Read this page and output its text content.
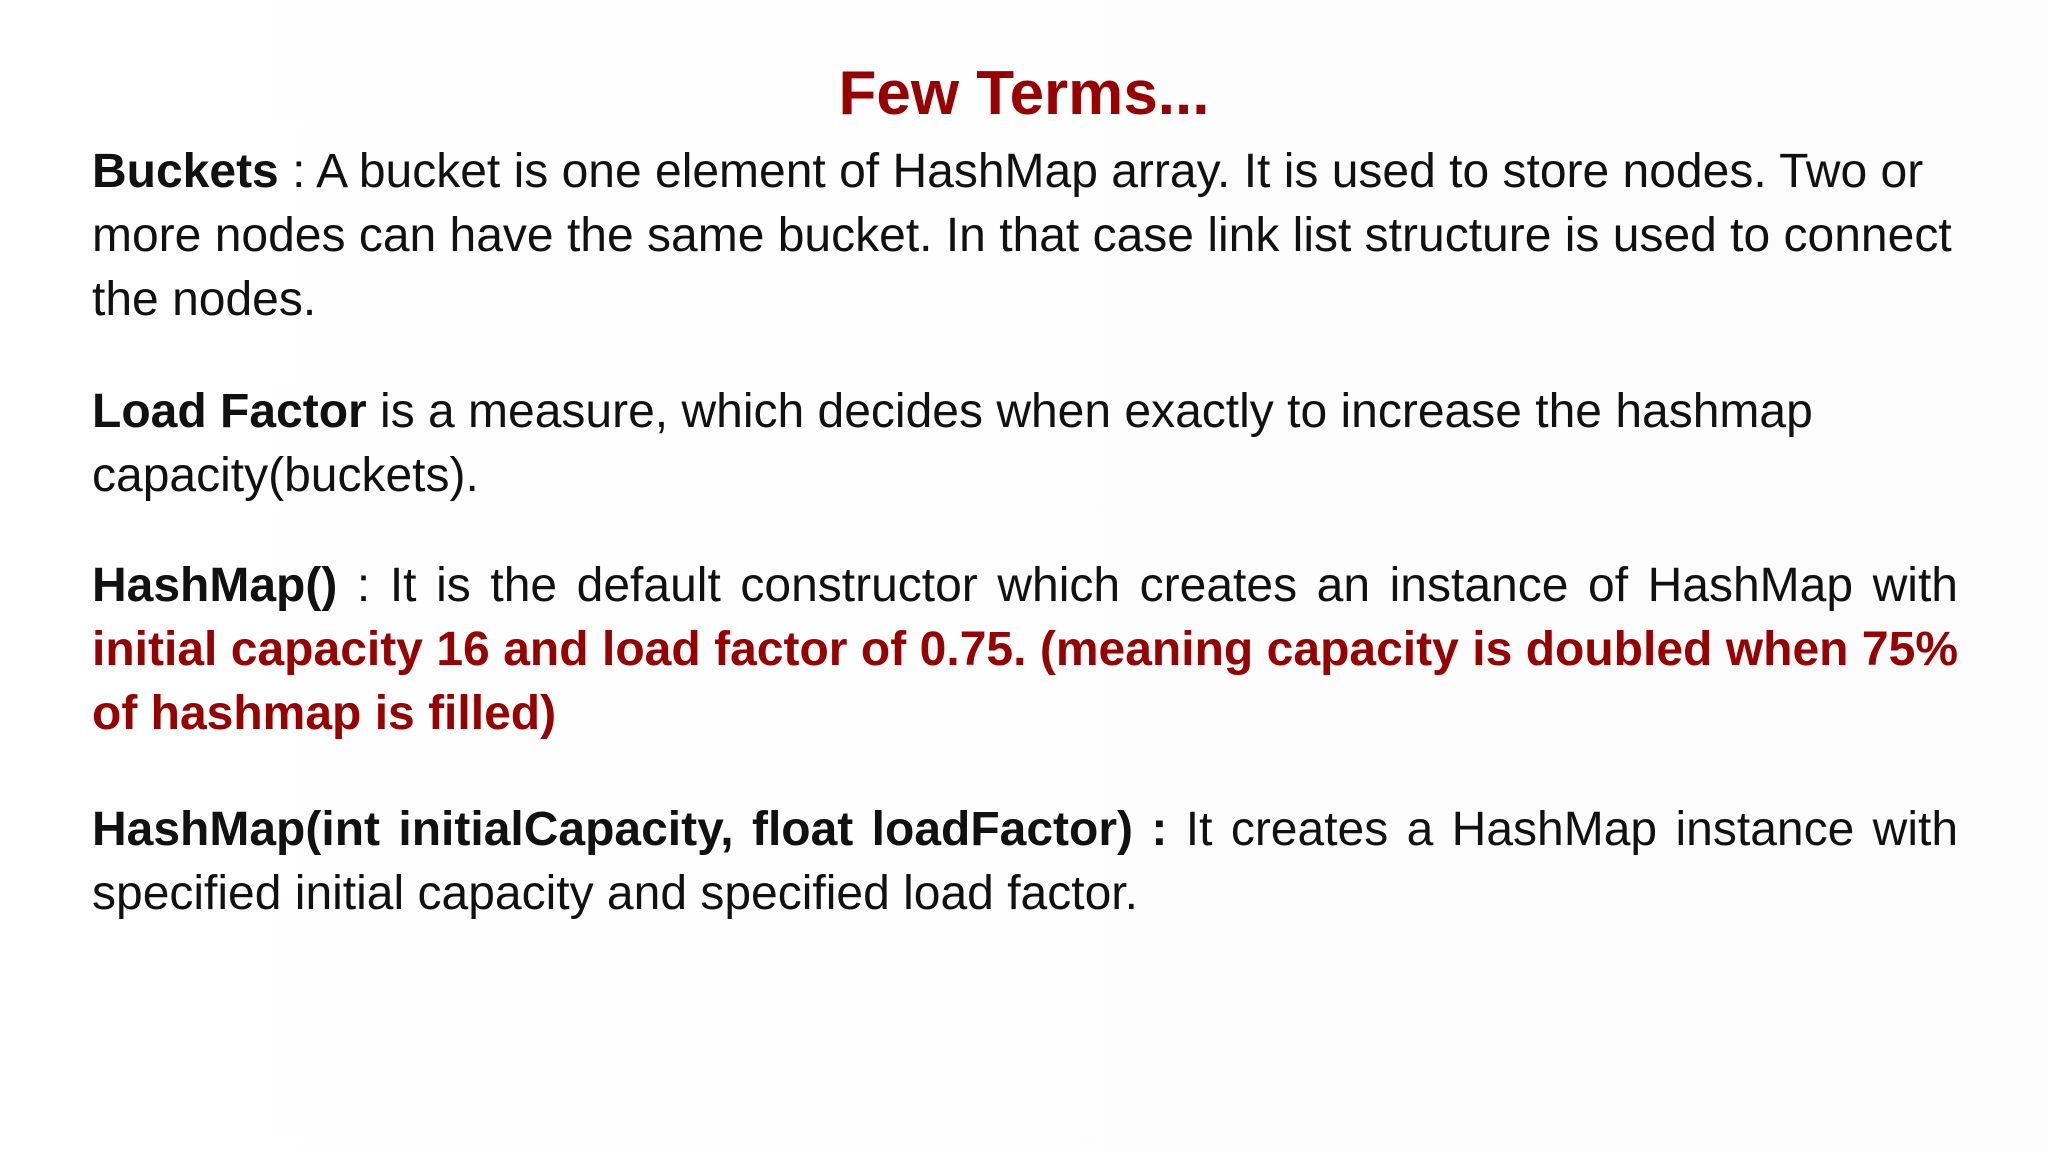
Few Terms...

Buckets : A bucket is one element of HashMap array. It is used to store nodes. Two or more nodes can have the same bucket. In that case link list structure is used to connect the nodes.

Load Factor is a measure, which decides when exactly to increase the hashmap capacity(buckets).

HashMap() : It is the default constructor which creates an instance of HashMap with initial capacity 16 and load factor of 0.75. (meaning capacity is doubled when 75% of hashmap is filled)

HashMap(int initialCapacity, float loadFactor) : It creates a HashMap instance with specified initial capacity and specified load factor.
